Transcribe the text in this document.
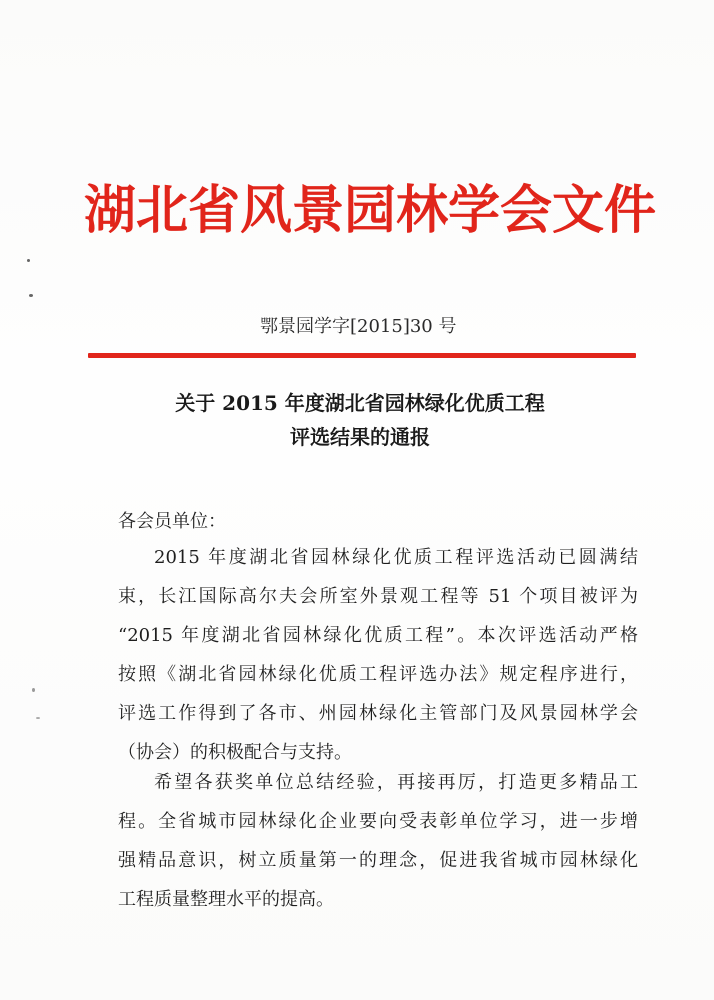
湖北省风景园林学会文件
鄂景园学字[2015]30 号
关于 2015 年度湖北省园林绿化优质工程
评选结果的通报
各会员单位：
2015 年度湖北省园林绿化优质工程评选活动已圆满结
束，长江国际高尔夫会所室外景观工程等 51 个项目被评为
“2015 年度湖北省园林绿化优质工程”。本次评选活动严格
按照《湖北省园林绿化优质工程评选办法》规定程序进行，
评选工作得到了各市、州园林绿化主管部门及风景园林学会
（协会）的积极配合与支持。
希望各获奖单位总结经验，再接再厉，打造更多精品工
程。全省城市园林绿化企业要向受表彰单位学习，进一步增
强精品意识，树立质量第一的理念，促进我省城市园林绿化
工程质量整理水平的提高。
